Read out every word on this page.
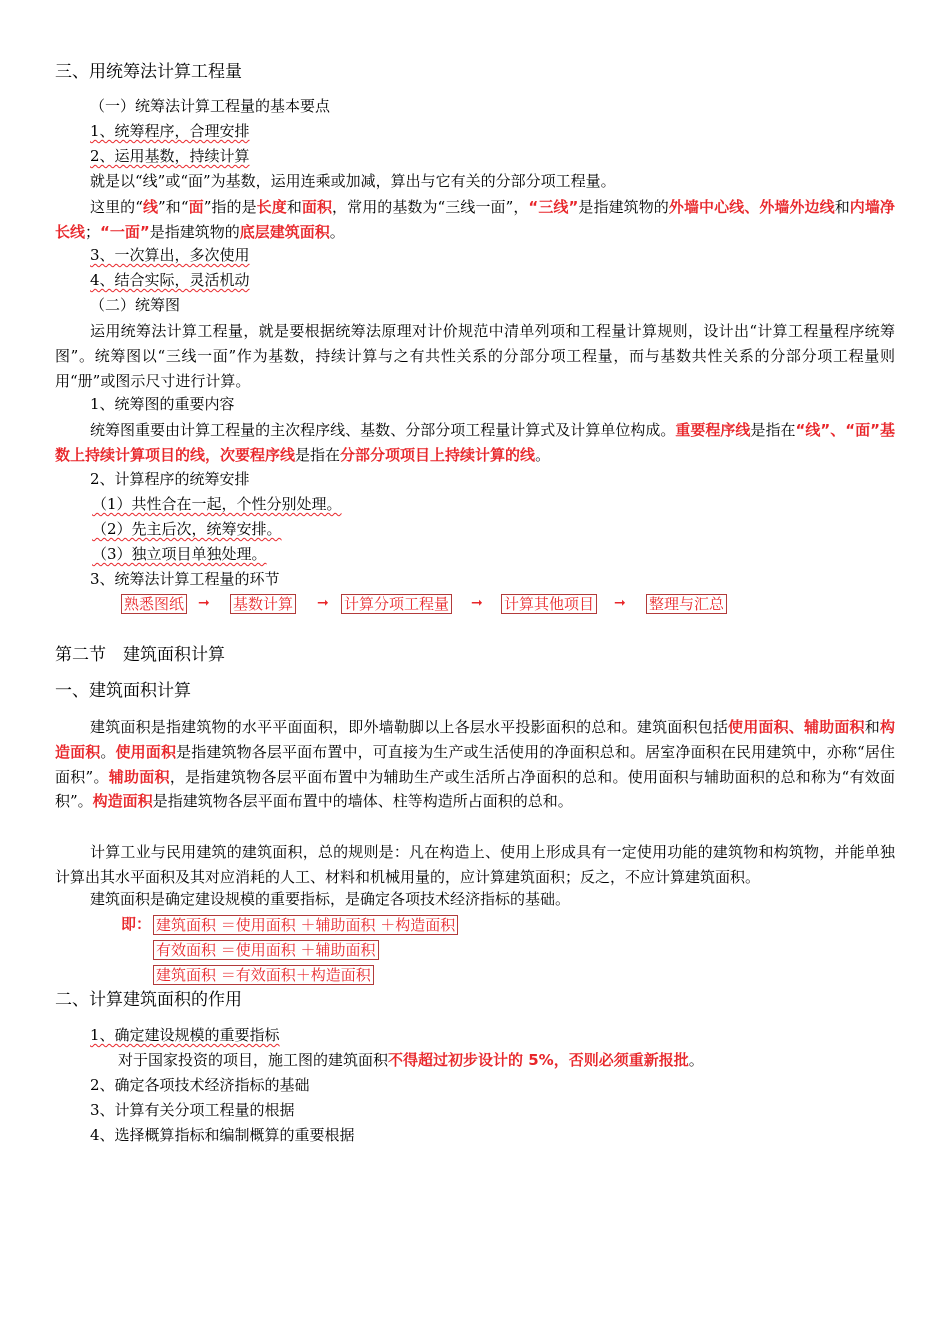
三、用统筹法计算工程量
（一）统筹法计算工程量的基本要点
1、统筹程序，合理安排
2、运用基数，持续计算
就是以“线”或“面”为基数，运用连乘或加减，算出与它有关的分部分项工程量。
这里的“线”和“面”指的是长度和面积，常用的基数为“三线一面”，“三线”是指建筑物的外墙中心线、外墙外边线和内墙净长线；“一面”是指建筑物的底层建筑面积。
3、一次算出，多次使用
4、结合实际，灵活机动
（二）统筹图
运用统筹法计算工程量，就是要根据统筹法原理对计价规范中清单列项和工程量计算规则，设计出“计算工程量程序统筹图”。统筹图以“三线一面”作为基数，持续计算与之有共性关系的分部分项工程量，而与基数共性关系的分部分项工程量则用“册”或图示尺寸进行计算。
1、统筹图的重要内容
统筹图重要由计算工程量的主次程序线、基数、分部分项工程量计算式及计算单位构成。重要程序线是指在“线”、“面”基数上持续计算项目的线，次要程序线是指在分部分项项目上持续计算的线。
2、计算程序的统筹安排
（1）共性合在一起，个性分别处理。
（2）先主后次，统筹安排。
（3）独立项目单独处理。
3、统筹法计算工程量的环节
熟悉图纸 ➞ 基数计算 ➞ 计算分项工程量 ➞ 计算其他项目 ➞ 整理与汇总
第二节　建筑面积计算
一、建筑面积计算
建筑面积是指建筑物的水平平面面积，即外墙勒脚以上各层水平投影面积的总和。建筑面积包括使用面积、辅助面积和构造面积。使用面积是指建筑物各层平面布置中，可直接为生产或生活使用的净面积总和。居室净面积在民用建筑中，亦称“居住面积”。辅助面积，是指建筑物各层平面布置中为辅助生产或生活所占净面积的总和。使用面积与辅助面积的总和称为“有效面积”。构造面积是指建筑物各层平面布置中的墙体、柱等构造所占面积的总和。
计算工业与民用建筑的建筑面积，总的规则是：凡在构造上、使用上形成具有一定使用功能的建筑物和构筑物，并能单独计算出其水平面积及其对应消耗的人工、材料和机械用量的，应计算建筑面积；反之，不应计算建筑面积。
建筑面积是确定建设规模的重要指标，是确定各项技术经济指标的基础。
即： 建筑面积 ＝使用面积 ＋辅助面积 ＋构造面积
有效面积 ＝使用面积 ＋辅助面积
建筑面积 ＝有效面积＋构造面积
二、计算建筑面积的作用
1、确定建设规模的重要指标
对于国家投资的项目，施工图的建筑面积不得超过初步设计的 5%，否则必须重新报批。
2、确定各项技术经济指标的基础
3、计算有关分项工程量的根据
4、选择概算指标和编制概算的重要根据
